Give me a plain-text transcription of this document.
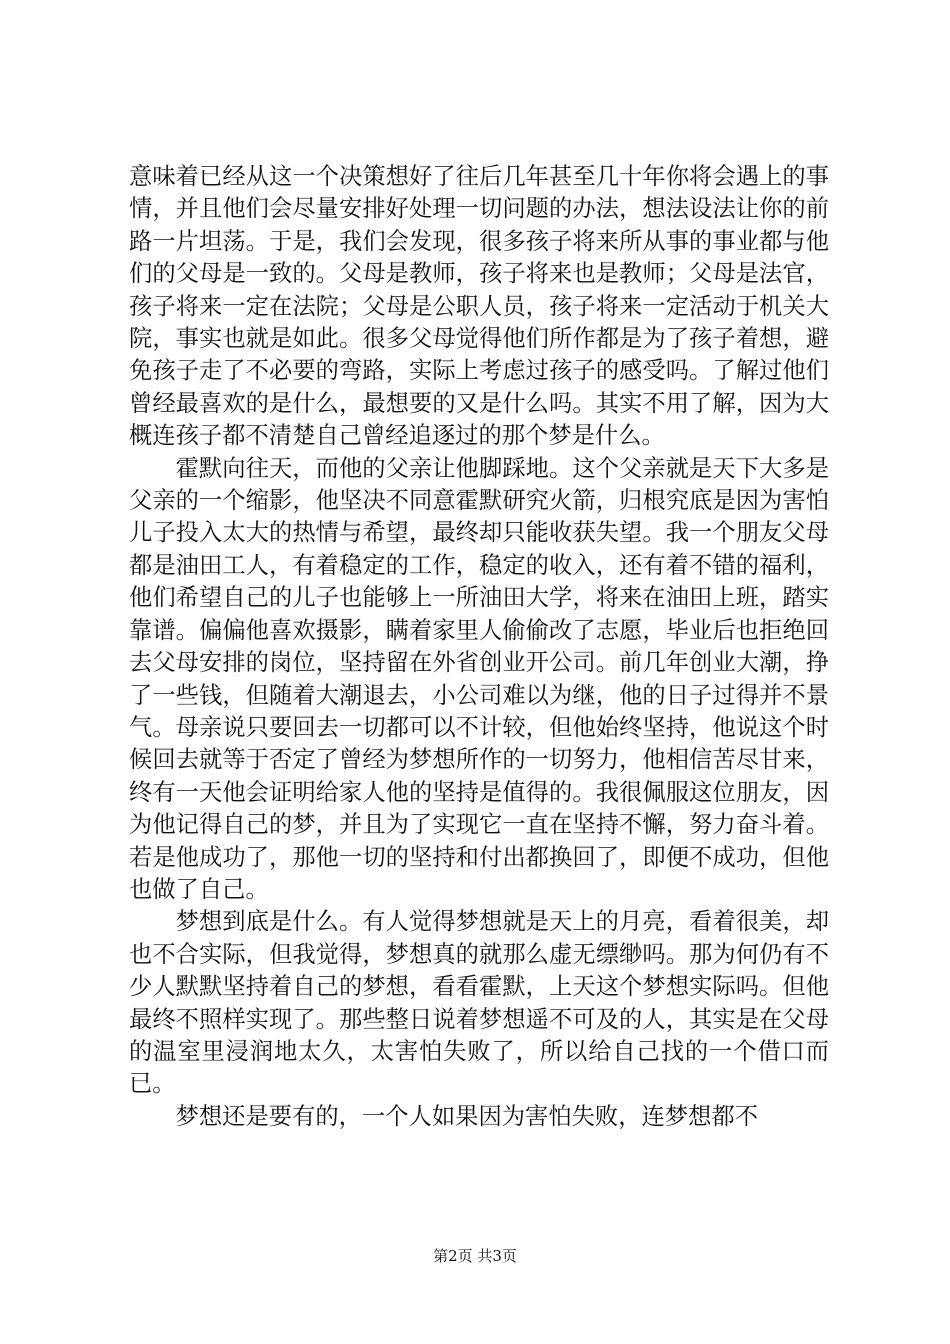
意味着已经从这一个决策想好了往后几年甚至几十年你将会遇上的事情，并且他们会尽量安排好处理一切问题的办法，想法设法让你的前路一片坦荡。于是，我们会发现，很多孩子将来所从事的事业都与他们的父母是一致的。父母是教师，孩子将来也是教师；父母是法官，孩子将来一定在法院；父母是公职人员，孩子将来一定活动于机关大院，事实也就是如此。很多父母觉得他们所作都是为了孩子着想，避免孩子走了不必要的弯路，实际上考虑过孩子的感受吗。了解过他们曾经最喜欢的是什么，最想要的又是什么吗。其实不用了解，因为大概连孩子都不清楚自己曾经追逐过的那个梦是什么。

霍默向往天，而他的父亲让他脚踩地。这个父亲就是天下大多是父亲的一个缩影，他坚决不同意霍默研究火箭，归根究底是因为害怕儿子投入太大的热情与希望，最终却只能收获失望。我一个朋友父母都是油田工人，有着稳定的工作，稳定的收入，还有着不错的福利，他们希望自己的儿子也能够上一所油田大学，将来在油田上班，踏实靠谱。偏偏他喜欢摄影，瞒着家里人偷偷改了志愿，毕业后也拒绝回去父母安排的岗位，坚持留在外省创业开公司。前几年创业大潮，挣了一些钱，但随着大潮退去，小公司难以为继，他的日子过得并不景气。母亲说只要回去一切都可以不计较，但他始终坚持，他说这个时候回去就等于否定了曾经为梦想所作的一切努力，他相信苦尽甘来，终有一天他会证明给家人他的坚持是值得的。我很佩服这位朋友，因为他记得自己的梦，并且为了实现它一直在坚持不懈，努力奋斗着。若是他成功了，那他一切的坚持和付出都换回了，即便不成功，但他也做了自己。

梦想到底是什么。有人觉得梦想就是天上的月亮，看着很美，却也不合实际，但我觉得，梦想真的就那么虚无缥缈吗。那为何仍有不少人默默坚持着自己的梦想，看看霍默，上天这个梦想实际吗。但他最终不照样实现了。那些整日说着梦想遥不可及的人，其实是在父母的温室里浸润地太久，太害怕失败了，所以给自己找的一个借口而已。

梦想还是要有的，一个人如果因为害怕失败，连梦想都不

第2页 共3页
